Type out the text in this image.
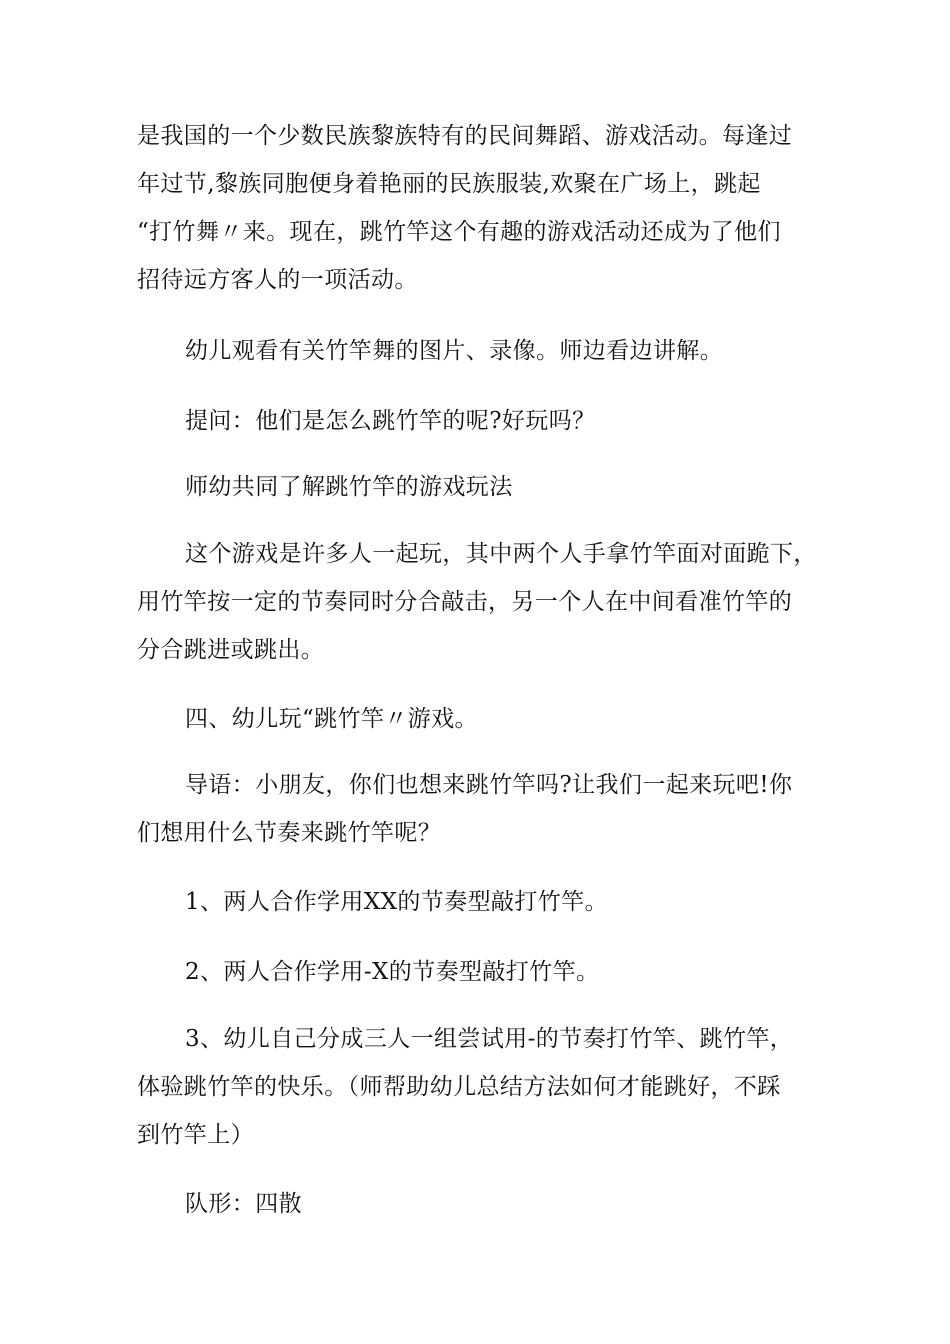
是我国的一个少数民族黎族特有的民间舞蹈、游戏活动。每逢过
年过节,黎族同胞便身着艳丽的民族服装,欢聚在广场上，跳起
“打竹舞〃来。现在，跳竹竿这个有趣的游戏活动还成为了他们
招待远方客人的一项活动。

幼儿观看有关竹竿舞的图片、录像。师边看边讲解。

提问：他们是怎么跳竹竿的呢?好玩吗？

师幼共同了解跳竹竿的游戏玩法

这个游戏是许多人一起玩，其中两个人手拿竹竿面对面跪下，
用竹竿按一定的节奏同时分合敲击，另一个人在中间看准竹竿的
分合跳进或跳出。

四、幼儿玩“跳竹竿〃游戏。

导语：小朋友，你们也想来跳竹竿吗?让我们一起来玩吧!你
们想用什么节奏来跳竹竿呢？

1、两人合作学用XX的节奏型敲打竹竿。

2、两人合作学用-X的节奏型敲打竹竿。

3、幼儿自己分成三人一组尝试用-的节奏打竹竿、跳竹竿，
体验跳竹竿的快乐。（师帮助幼儿总结方法如何才能跳好，不踩
到竹竿上）

队形：四散
